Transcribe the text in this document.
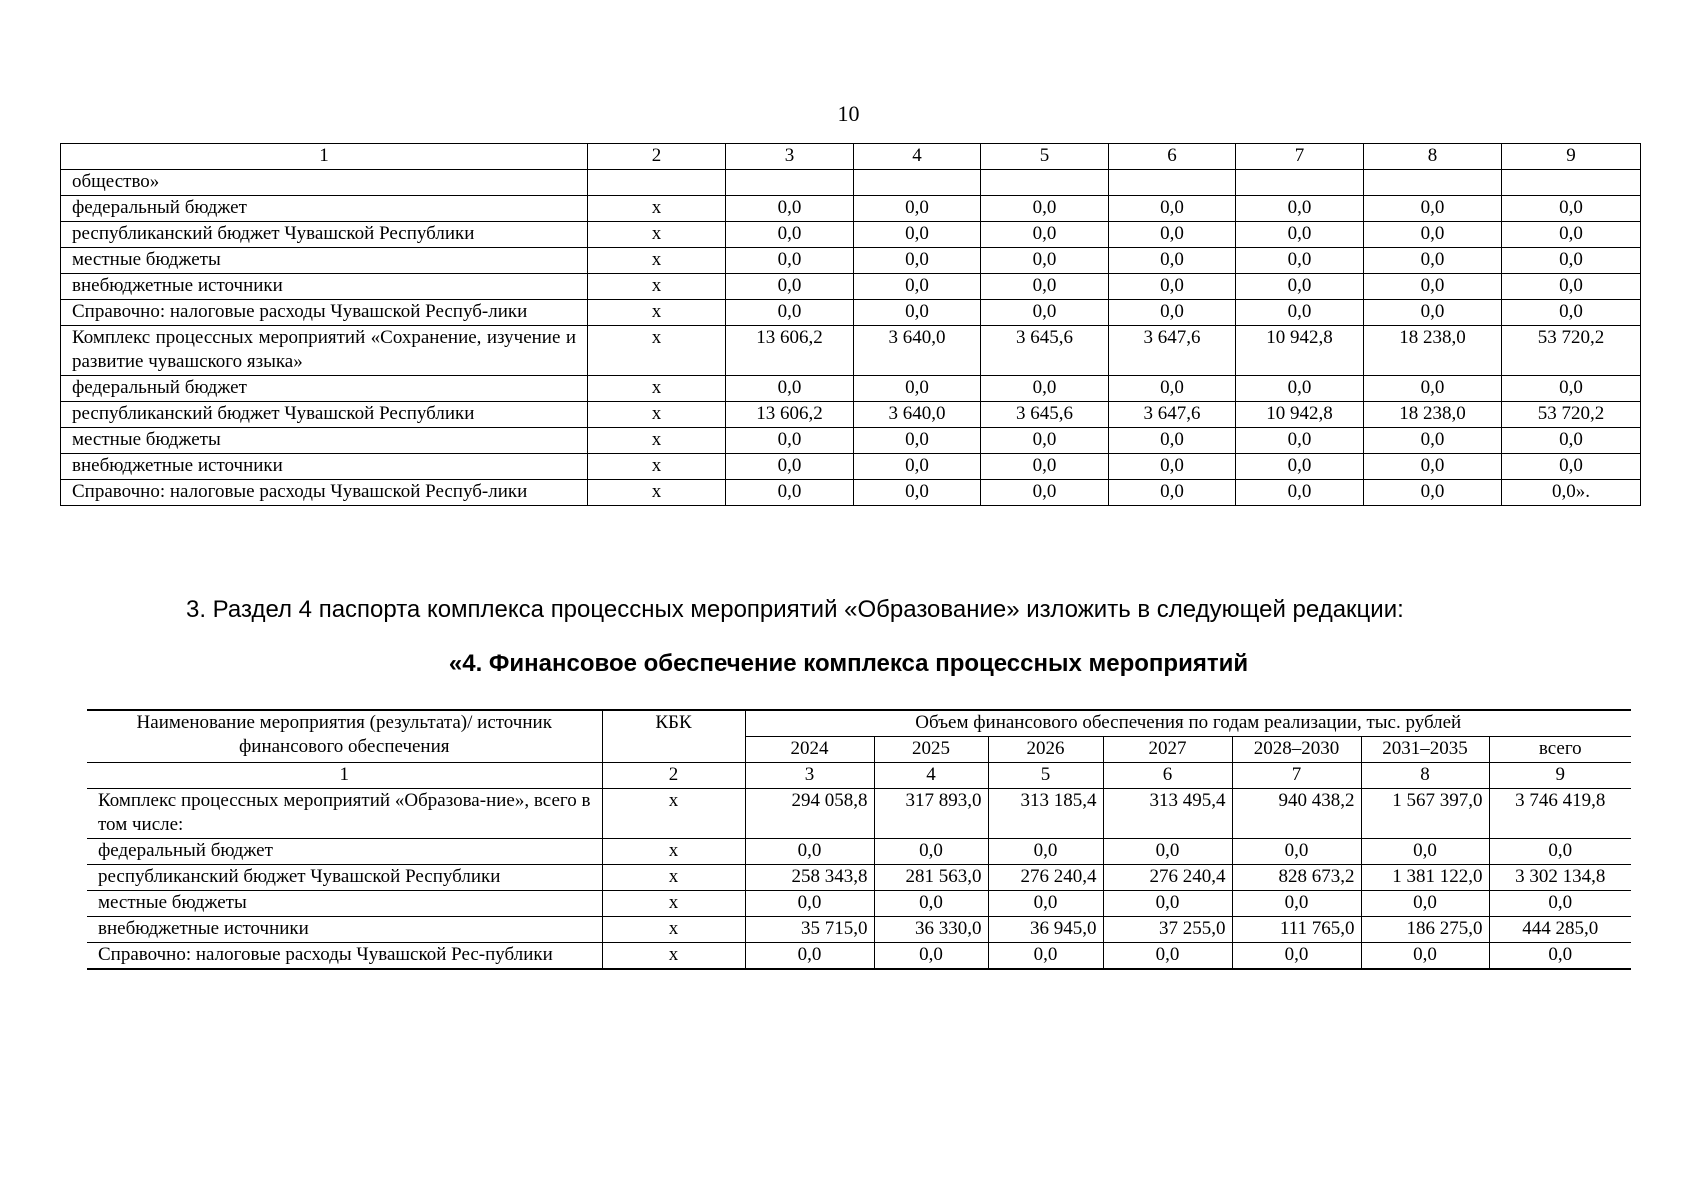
10
1	2	3	4	5	6	7	8	9
общество»								
федеральный бюджет	х	0,0	0,0	0,0	0,0	0,0	0,0	0,0
республиканский бюджет Чувашской Республики	х	0,0	0,0	0,0	0,0	0,0	0,0	0,0
местные бюджеты	х	0,0	0,0	0,0	0,0	0,0	0,0	0,0
внебюджетные источники	х	0,0	0,0	0,0	0,0	0,0	0,0	0,0
Справочно: налоговые расходы Чувашской Респуб-лики	х	0,0	0,0	0,0	0,0	0,0	0,0	0,0
Комплекс процессных мероприятий «Сохранение, изучение и развитие чувашского языка»	х	13 606,2	3 640,0	3 645,6	3 647,6	10 942,8	18 238,0	53 720,2
федеральный бюджет	х	0,0	0,0	0,0	0,0	0,0	0,0	0,0
республиканский бюджет Чувашской Республики	х	13 606,2	3 640,0	3 645,6	3 647,6	10 942,8	18 238,0	53 720,2
местные бюджеты	х	0,0	0,0	0,0	0,0	0,0	0,0	0,0
внебюджетные источники	х	0,0	0,0	0,0	0,0	0,0	0,0	0,0
Справочно: налоговые расходы Чувашской Респуб-лики	х	0,0	0,0	0,0	0,0	0,0	0,0	0,0».
3. Раздел 4 паспорта комплекса процессных мероприятий «Образование» изложить в следующей редакции:
«4. Финансовое обеспечение комплекса процессных мероприятий
Наименование мероприятия (результата)/ источник финансового обеспечения	КБК	Объем финансового обеспечения по годам реализации, тыс. рублей						
		2024	2025	2026	2027	2028–2030	2031–2035	всего
1	2	3	4	5	6	7	8	9
Комплекс процессных мероприятий «Образова-ние», всего в том числе:	х	294 058,8	317 893,0	313 185,4	313 495,4	940 438,2	1 567 397,0	3 746 419,8
федеральный бюджет	х	0,0	0,0	0,0	0,0	0,0	0,0	0,0
республиканский бюджет Чувашской Республики	х	258 343,8	281 563,0	276 240,4	276 240,4	828 673,2	1 381 122,0	3 302 134,8
местные бюджеты	х	0,0	0,0	0,0	0,0	0,0	0,0	0,0
внебюджетные источники	х	35 715,0	36 330,0	36 945,0	37 255,0	111 765,0	186 275,0	444 285,0
Справочно: налоговые расходы Чувашской Рес-публики	х	0,0	0,0	0,0	0,0	0,0	0,0	0,0
